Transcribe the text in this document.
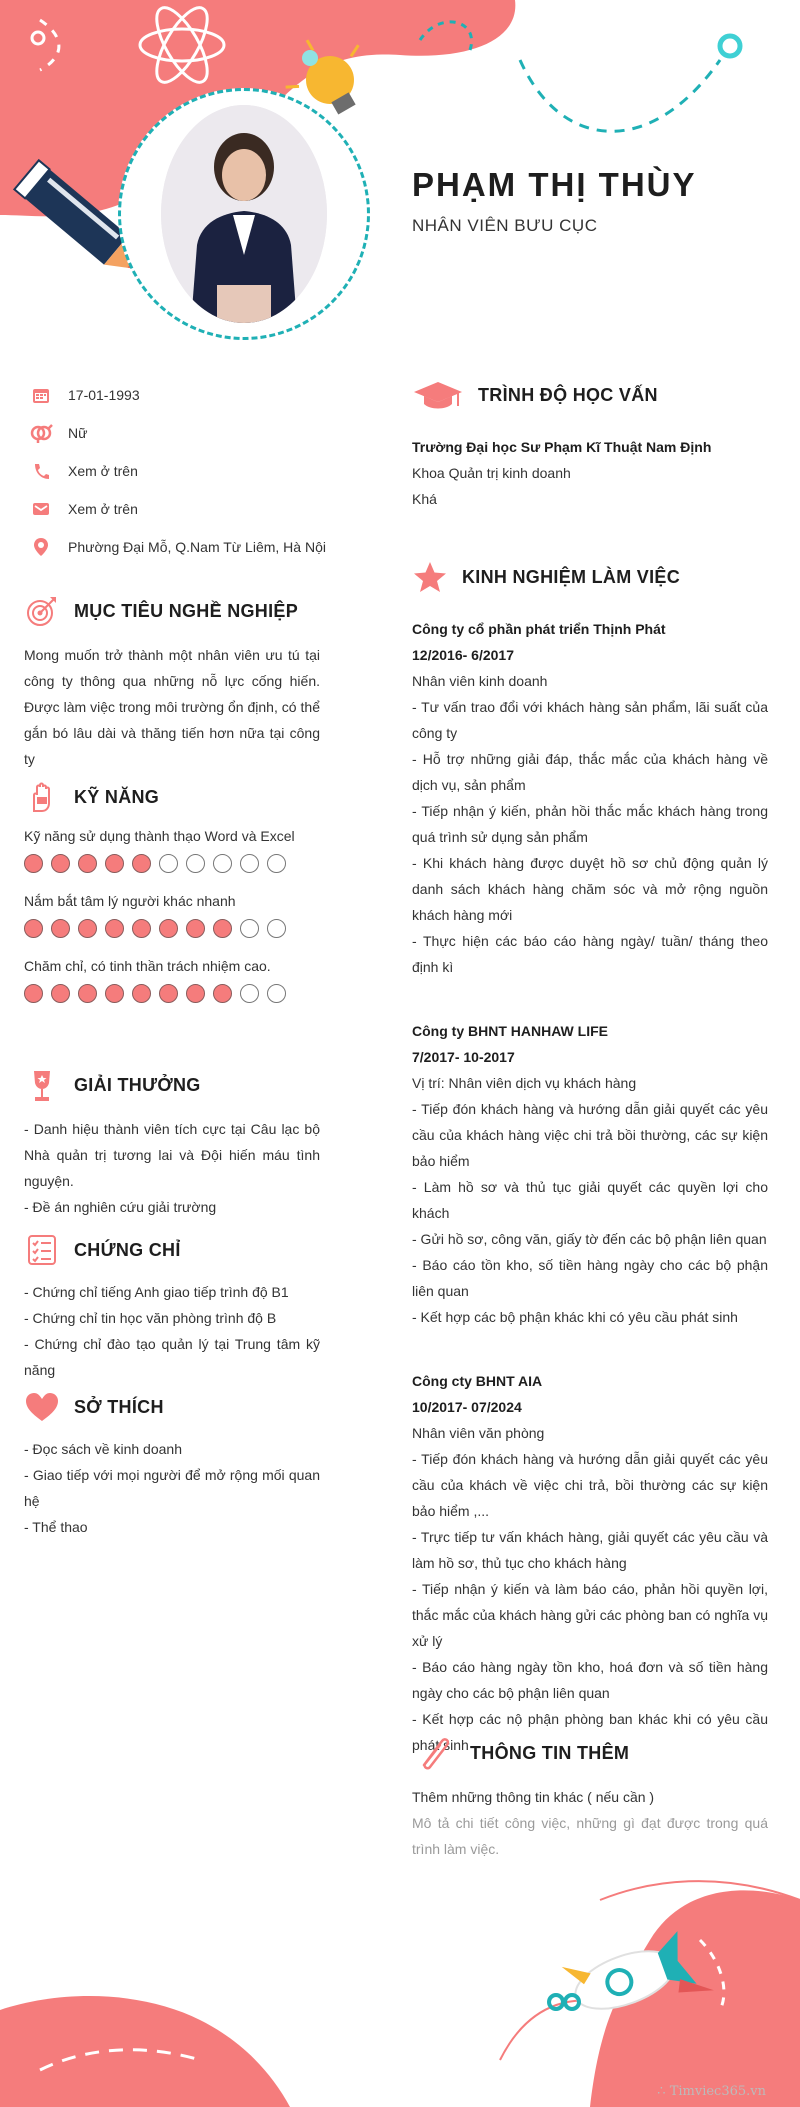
PHẠM THỊ THÙY
NHÂN VIÊN BƯU CỤC
17-01-1993
Nữ
Xem ở trên
Xem ở trên
Phường Đại Mỗ, Q.Nam Từ Liêm, Hà Nội
MỤC TIÊU NGHỀ NGHIỆP
Mong muốn trở thành một nhân viên ưu tú tại công ty thông qua những nỗ lực cống hiến. Được làm việc trong môi trường ổn định, có thể gắn bó lâu dài và thăng tiến hơn nữa tại công ty
KỸ NĂNG
Kỹ năng sử dụng thành thạo Word và Excel
Nắm bắt tâm lý người khác nhanh
Chăm chỉ, có tinh thần trách nhiệm cao.
GIẢI THƯỞNG
- Danh hiệu thành viên tích cực tại Câu lạc bộ Nhà quản trị tương lai và Đội hiến máu tình nguyện.
- Đề án nghiên cứu giải trường
CHỨNG CHỈ
- Chứng chỉ tiếng Anh giao tiếp trình độ B1
- Chứng chỉ tin học văn phòng trình độ B
- Chứng chỉ đào tạo quản lý tại Trung tâm kỹ năng
SỞ THÍCH
- Đọc sách về kinh doanh
- Giao tiếp với mọi người để mở rộng mối quan hệ
- Thể thao
TRÌNH ĐỘ HỌC VẤN
Trường Đại học Sư Phạm Kĩ Thuật Nam Định
Khoa Quản trị kinh doanh
Khá
KINH NGHIỆM LÀM VIỆC
Công ty cổ phần phát triển Thịnh Phát
12/2016- 6/2017
Nhân viên kinh doanh
- Tư vấn trao đổi với khách hàng sản phẩm, lãi suất của công ty
- Hỗ trợ những giải đáp, thắc mắc của khách hàng về dịch vụ, sản phẩm
- Tiếp nhận ý kiến, phản hồi thắc mắc khách hàng trong quá trình sử dụng sản phẩm
- Khi khách hàng được duyệt hồ sơ chủ động quản lý danh sách khách hàng chăm sóc và mở rộng nguồn khách hàng mới
- Thực hiện các báo cáo hàng ngày/ tuần/ tháng theo định kì
Công ty BHNT HANHAW LIFE
7/2017- 10-2017
Vị trí: Nhân viên dịch vụ khách hàng
- Tiếp đón khách hàng và hướng dẫn giải quyết các yêu cầu của khách hàng việc chi trả bồi thường, các sự kiện bảo hiểm
- Làm hồ sơ và thủ tục giải quyết các quyền lợi cho khách
- Gửi hồ sơ, công văn, giấy tờ đến các bộ phận liên quan
- Báo cáo tồn kho, số tiền hàng ngày cho các bộ phận liên quan
- Kết hợp các bộ phận khác khi có yêu cầu phát sinh
Công cty BHNT AIA
10/2017- 07/2024
Nhân viên văn phòng
- Tiếp đón khách hàng và hướng dẫn giải quyết các yêu cầu của khách về việc chi trả, bồi thường các sự kiện bảo hiểm ,...
- Trực tiếp tư vấn khách hàng, giải quyết các yêu cầu và làm hồ sơ, thủ tục cho khách hàng
- Tiếp nhận ý kiến và làm báo cáo, phản hồi quyền lợi, thắc mắc của khách hàng gửi các phòng ban có nghĩa vụ xử lý
- Báo cáo hàng ngày tồn kho, hoá đơn và số tiền hàng ngày cho các bộ phận liên quan
- Kết hợp các nộ phận phòng ban khác khi có yêu cầu phát sinh THÔNG TIN THÊM
Thêm những thông tin khác ( nếu cần )
Mô tả chi tiết công việc, những gì đạt được trong quá trình làm việc.
∴ Timviec365.vn
